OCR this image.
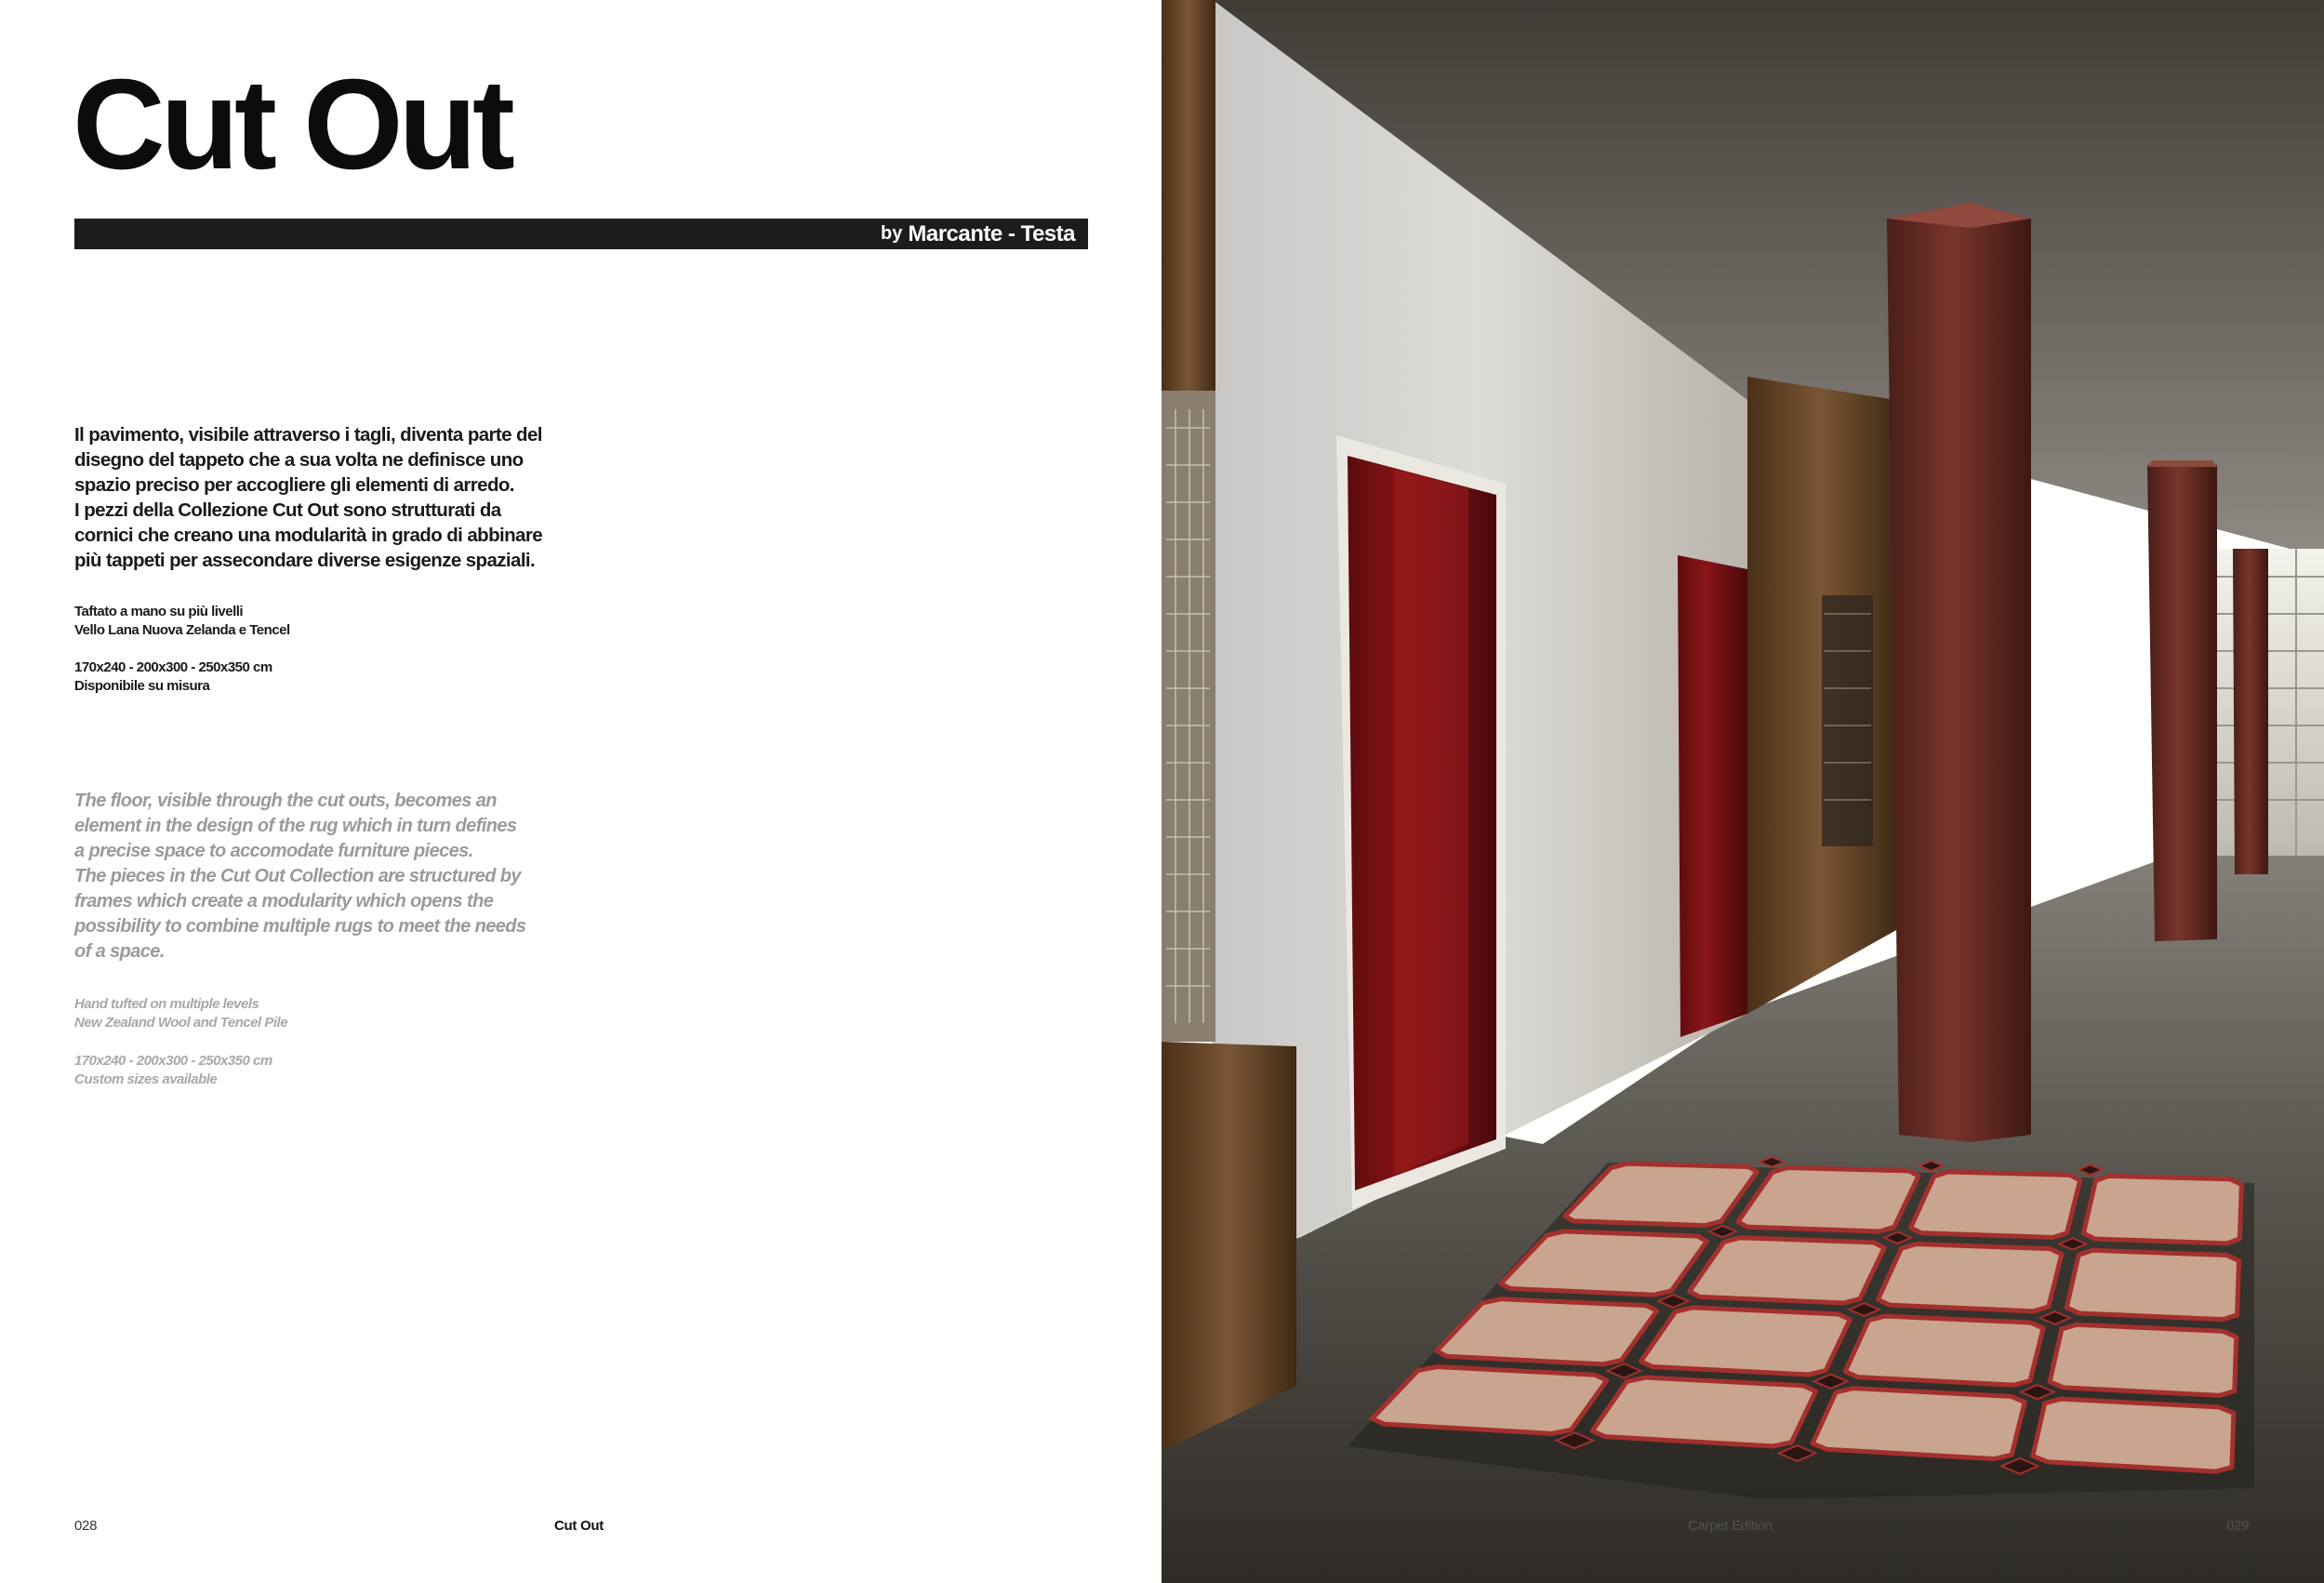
Cut Out
by Marcante - Testa

Il pavimento, visibile attraverso i tagli, diventa parte del

disegno del tappeto che a sua volta ne definisce uno

spazio preciso per accogliere gli elementi di arredo.

I pezzi della Collezione Cut Out sono strutturati da

cornici che creano una modularità in grado di abbinare

più tappeti per assecondare diverse esigenze spaziali.

Taftato a mano su più livelli
Vello Lana Nuova Zelanda e Tencel
170x240 - 200x300 - 250x350 cm
Disponibile su misura

The floor, visible through the cut outs, becomes an

element in the design of the rug which in turn defines

a precise space to accomodate furniture pieces.

The pieces in the Cut Out Collection are structured by

frames which create a modularity which opens the

possibility to combine multiple rugs to meet the needs

of a space.

Hand tufted on multiple levels
New Zealand Wool and Tencel Pile
170x240 - 200x300 - 250x350 cm
Custom sizes available
028	Cut Out	Carpet Edition	029
